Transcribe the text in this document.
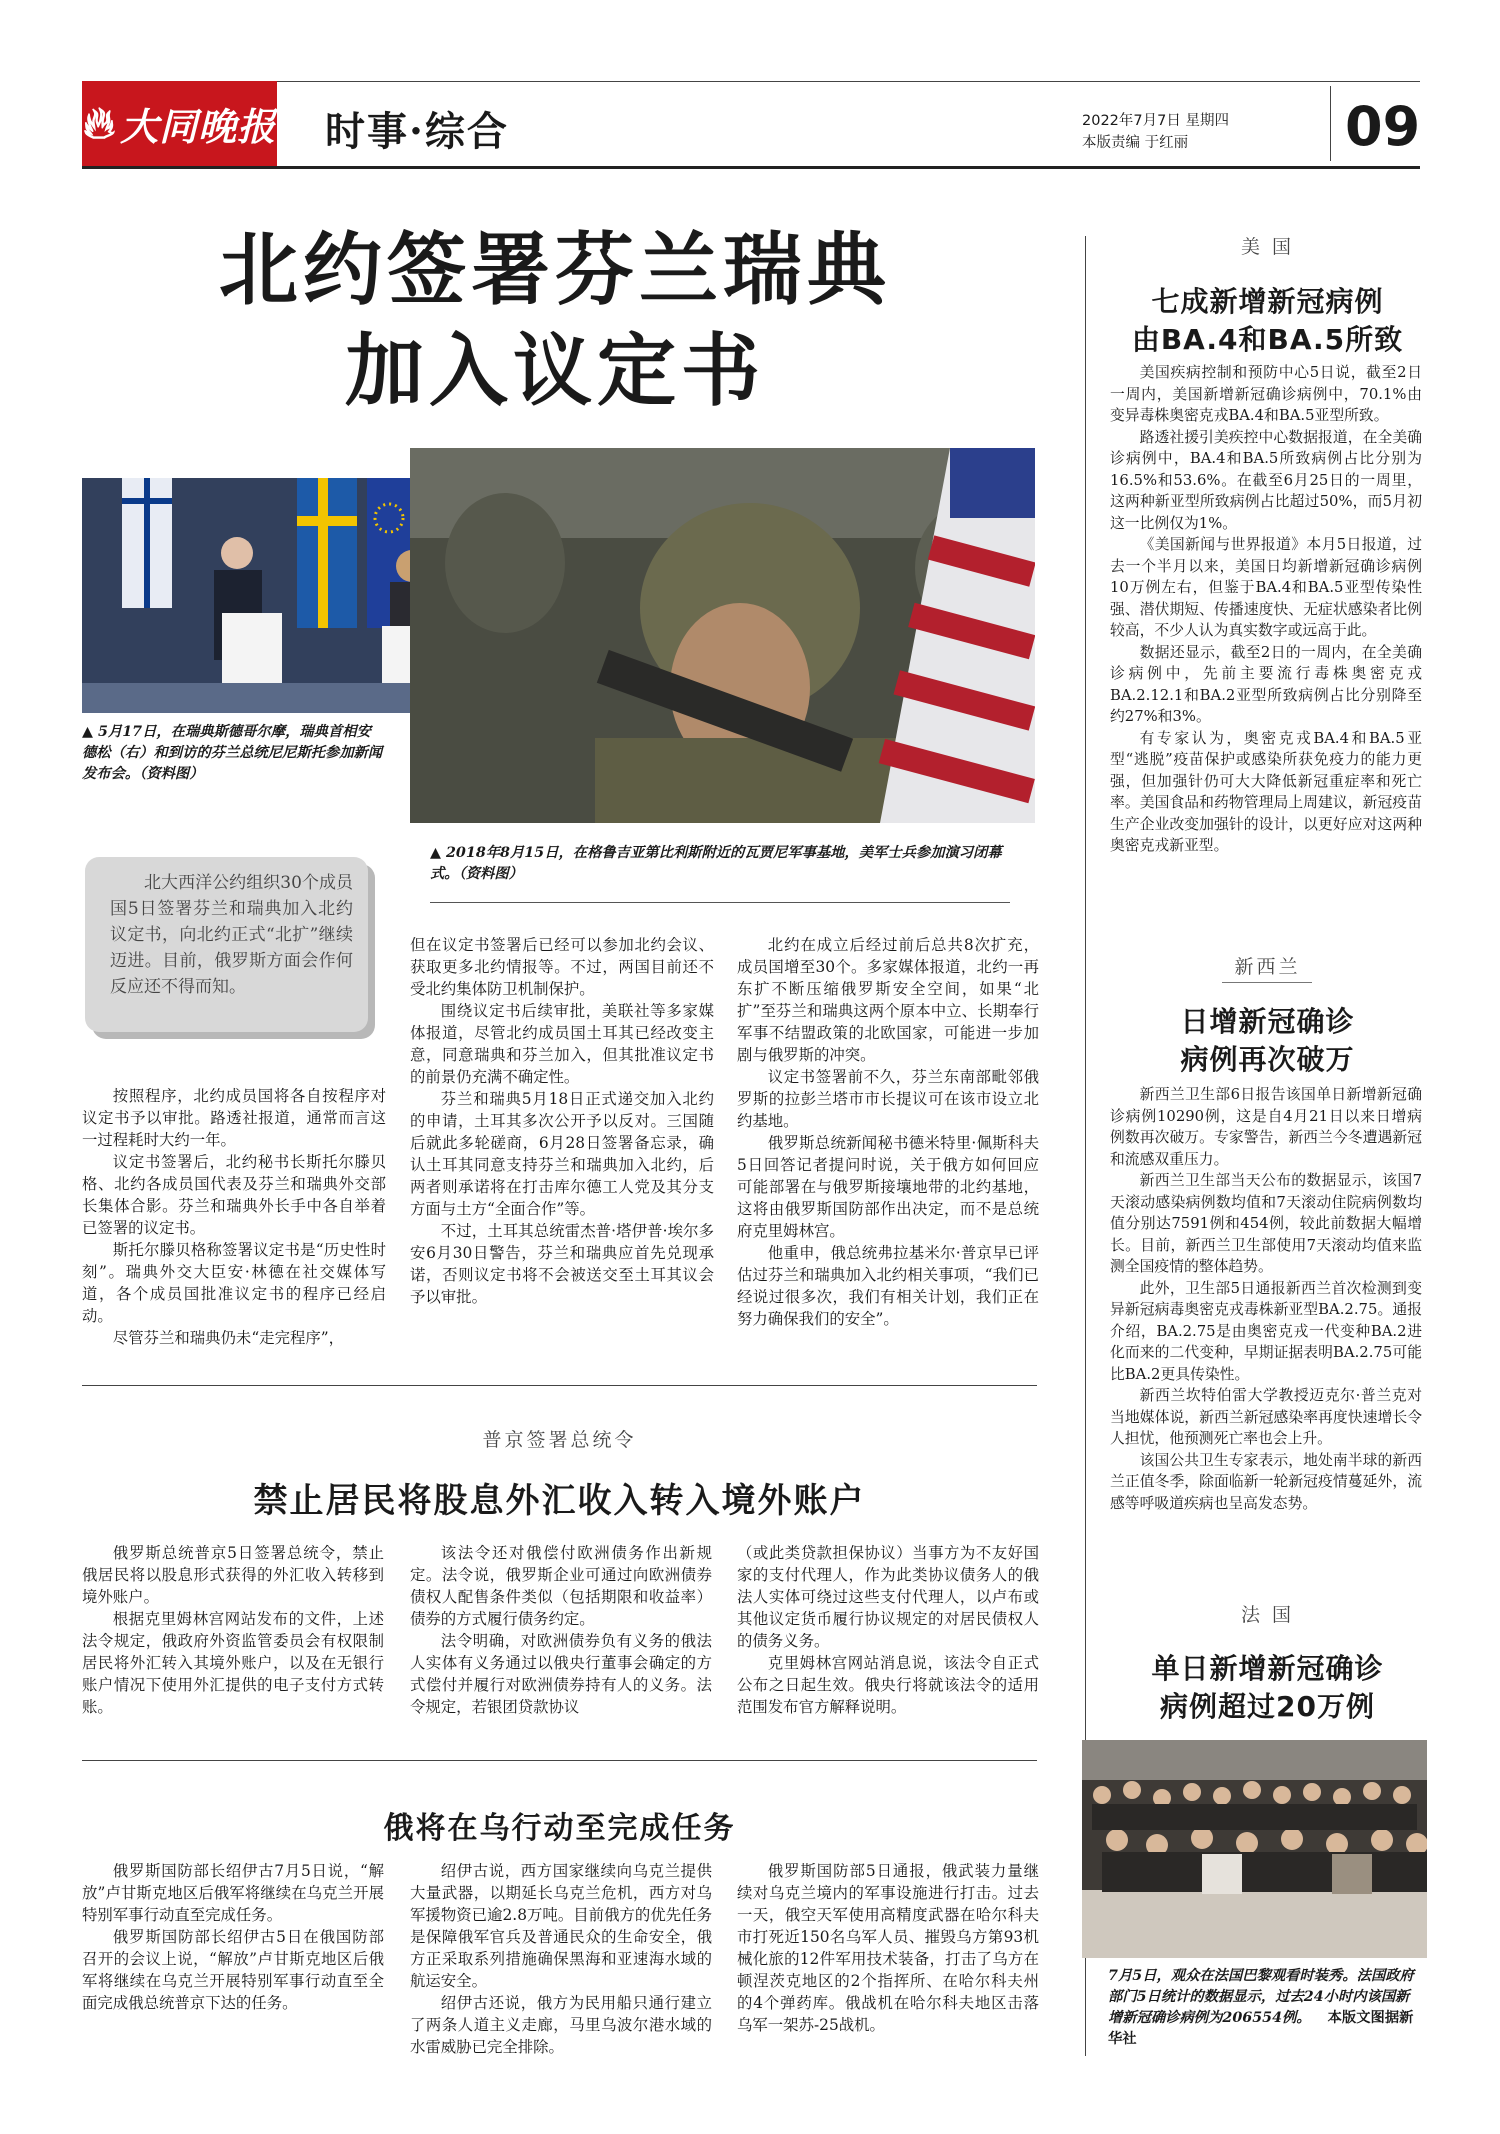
🔥︎ 大同晚报 时事·综合	2022年7月7日 星期四
本版责编 于红丽	09
北约签署芬兰瑞典
加入议定书
▲ 5月17日，在瑞典斯德哥尔摩，瑞典首相安德松（右）和到访的芬兰总统尼尼斯托参加新闻发布会。（资料图）
▲ 2018年8月15日，在格鲁吉亚第比利斯附近的瓦贾尼军事基地，美军士兵参加演习闭幕式。（资料图）
北大西洋公约组织30个成员国5日签署芬兰和瑞典加入北约议定书，向北约正式“北扩”继续迈进。目前，俄罗斯方面会作何反应还不得而知。

按照程序，北约成员国将各自按程序对议定书予以审批。路透社报道，通常而言这一过程耗时大约一年。

议定书签署后，北约秘书长斯托尔滕贝格、北约各成员国代表及芬兰和瑞典外交部长集体合影。芬兰和瑞典外长手中各自举着已签署的议定书。

斯托尔滕贝格称签署议定书是“历史性时刻”。瑞典外交大臣安·林德在社交媒体写道，各个成员国批准议定书的程序已经启动。

尽管芬兰和瑞典仍未“走完程序”，

但在议定书签署后已经可以参加北约会议、获取更多北约情报等。不过，两国目前还不受北约集体防卫机制保护。

围绕议定书后续审批，美联社等多家媒体报道，尽管北约成员国土耳其已经改变主意，同意瑞典和芬兰加入，但其批准议定书的前景仍充满不确定性。

芬兰和瑞典5月18日正式递交加入北约的申请，土耳其多次公开予以反对。三国随后就此多轮磋商，6月28日签署备忘录，确认土耳其同意支持芬兰和瑞典加入北约，后两者则承诺将在打击库尔德工人党及其分支方面与土方“全面合作”等。

不过，土耳其总统雷杰普·塔伊普·埃尔多安6月30日警告，芬兰和瑞典应首先兑现承诺，否则议定书将不会被送交至土耳其议会予以审批。

北约在成立后经过前后总共8次扩充，成员国增至30个。多家媒体报道，北约一再东扩不断压缩俄罗斯安全空间，如果“北扩”至芬兰和瑞典这两个原本中立、长期奉行军事不结盟政策的北欧国家，可能进一步加剧与俄罗斯的冲突。

议定书签署前不久，芬兰东南部毗邻俄罗斯的拉彭兰塔市市长提议可在该市设立北约基地。

俄罗斯总统新闻秘书德米特里·佩斯科夫5日回答记者提问时说，关于俄方如何回应可能部署在与俄罗斯接壤地带的北约基地，这将由俄罗斯国防部作出决定，而不是总统府克里姆林宫。

他重申，俄总统弗拉基米尔·普京早已评估过芬兰和瑞典加入北约相关事项，“我们已经说过很多次，我们有相关计划，我们正在努力确保我们的安全”。

普京签署总统令
禁止居民将股息外汇收入转入境外账户

俄罗斯总统普京5日签署总统令，禁止俄居民将以股息形式获得的外汇收入转移到境外账户。

根据克里姆林宫网站发布的文件，上述法令规定，俄政府外资监管委员会有权限制居民将外汇转入其境外账户，以及在无银行账户情况下使用外汇提供的电子支付方式转账。

该法令还对俄偿付欧洲债务作出新规定。法令说，俄罗斯企业可通过向欧洲债券债权人配售条件类似（包括期限和收益率）债券的方式履行债务约定。

法令明确，对欧洲债券负有义务的俄法人实体有义务通过以俄央行董事会确定的方式偿付并履行对欧洲债券持有人的义务。法令规定，若银团贷款协议

（或此类贷款担保协议）当事方为不友好国家的支付代理人，作为此类协议债务人的俄法人实体可绕过这些支付代理人，以卢布或其他议定货币履行协议规定的对居民债权人的债务义务。

克里姆林宫网站消息说，该法令自正式公布之日起生效。俄央行将就该法令的适用范围发布官方解释说明。

俄将在乌行动至完成任务

俄罗斯国防部长绍伊古7月5日说，“解放”卢甘斯克地区后俄军将继续在乌克兰开展特别军事行动直至完成任务。

俄罗斯国防部长绍伊古5日在俄国防部召开的会议上说，“解放”卢甘斯克地区后俄军将继续在乌克兰开展特别军事行动直至全面完成俄总统普京下达的任务。

绍伊古说，西方国家继续向乌克兰提供大量武器，以期延长乌克兰危机，西方对乌军援物资已逾2.8万吨。目前俄方的优先任务是保障俄军官兵及普通民众的生命安全，俄方正采取系列措施确保黑海和亚速海水域的航运安全。

绍伊古还说，俄方为民用船只通行建立了两条人道主义走廊，马里乌波尔港水域的水雷威胁已完全排除。

俄罗斯国防部5日通报，俄武装力量继续对乌克兰境内的军事设施进行打击。过去一天，俄空天军使用高精度武器在哈尔科夫市打死近150名乌军人员、摧毁乌方第93机械化旅的12件军用技术装备，打击了乌方在顿涅茨克地区的2个指挥所、在哈尔科夫州的4个弹药库。俄战机在哈尔科夫地区击落乌军一架苏-25战机。

美 国
七成新增新冠病例
由BA.4和BA.5所致

美国疾病控制和预防中心5日说，截至2日一周内，美国新增新冠确诊病例中，70.1%由变异毒株奥密克戎BA.4和BA.5亚型所致。

路透社援引美疾控中心数据报道，在全美确诊病例中，BA.4和BA.5所致病例占比分别为16.5%和53.6%。在截至6月25日的一周里，这两种新亚型所致病例占比超过50%，而5月初这一比例仅为1%。

《美国新闻与世界报道》本月5日报道，过去一个半月以来，美国日均新增新冠确诊病例10万例左右，但鉴于BA.4和BA.5亚型传染性强、潜伏期短、传播速度快、无症状感染者比例较高，不少人认为真实数字或远高于此。

数据还显示，截至2日的一周内，在全美确诊病例中，先前主要流行毒株奥密克戎BA.2.12.1和BA.2亚型所致病例占比分别降至约27%和3%。

有专家认为，奥密克戎BA.4和BA.5亚型“逃脱”疫苗保护或感染所获免疫力的能力更强，但加强针仍可大大降低新冠重症率和死亡率。美国食品和药物管理局上周建议，新冠疫苗生产企业改变加强针的设计，以更好应对这两种奥密克戎新亚型。

新西兰
日增新冠确诊
病例再次破万

新西兰卫生部6日报告该国单日新增新冠确诊病例10290例，这是自4月21日以来日增病例数再次破万。专家警告，新西兰今冬遭遇新冠和流感双重压力。

新西兰卫生部当天公布的数据显示，该国7天滚动感染病例数均值和7天滚动住院病例数均值分别达7591例和454例，较此前数据大幅增长。目前，新西兰卫生部使用7天滚动均值来监测全国疫情的整体趋势。

此外，卫生部5日通报新西兰首次检测到变异新冠病毒奥密克戎毒株新亚型BA.2.75。通报介绍，BA.2.75是由奥密克戎一代变种BA.2进化而来的二代变种，早期证据表明BA.2.75可能比BA.2更具传染性。

新西兰坎特伯雷大学教授迈克尔·普兰克对当地媒体说，新西兰新冠感染率再度快速增长令人担忧，他预测死亡率也会上升。

该国公共卫生专家表示，地处南半球的新西兰正值冬季，除面临新一轮新冠疫情蔓延外，流感等呼吸道疾病也呈高发态势。

法 国
单日新增新冠确诊
病例超过20万例
7月5日，观众在法国巴黎观看时装秀。法国政府部门5日统计的数据显示，过去24小时内该国新增新冠确诊病例为206554例。 本版文图据新华社
